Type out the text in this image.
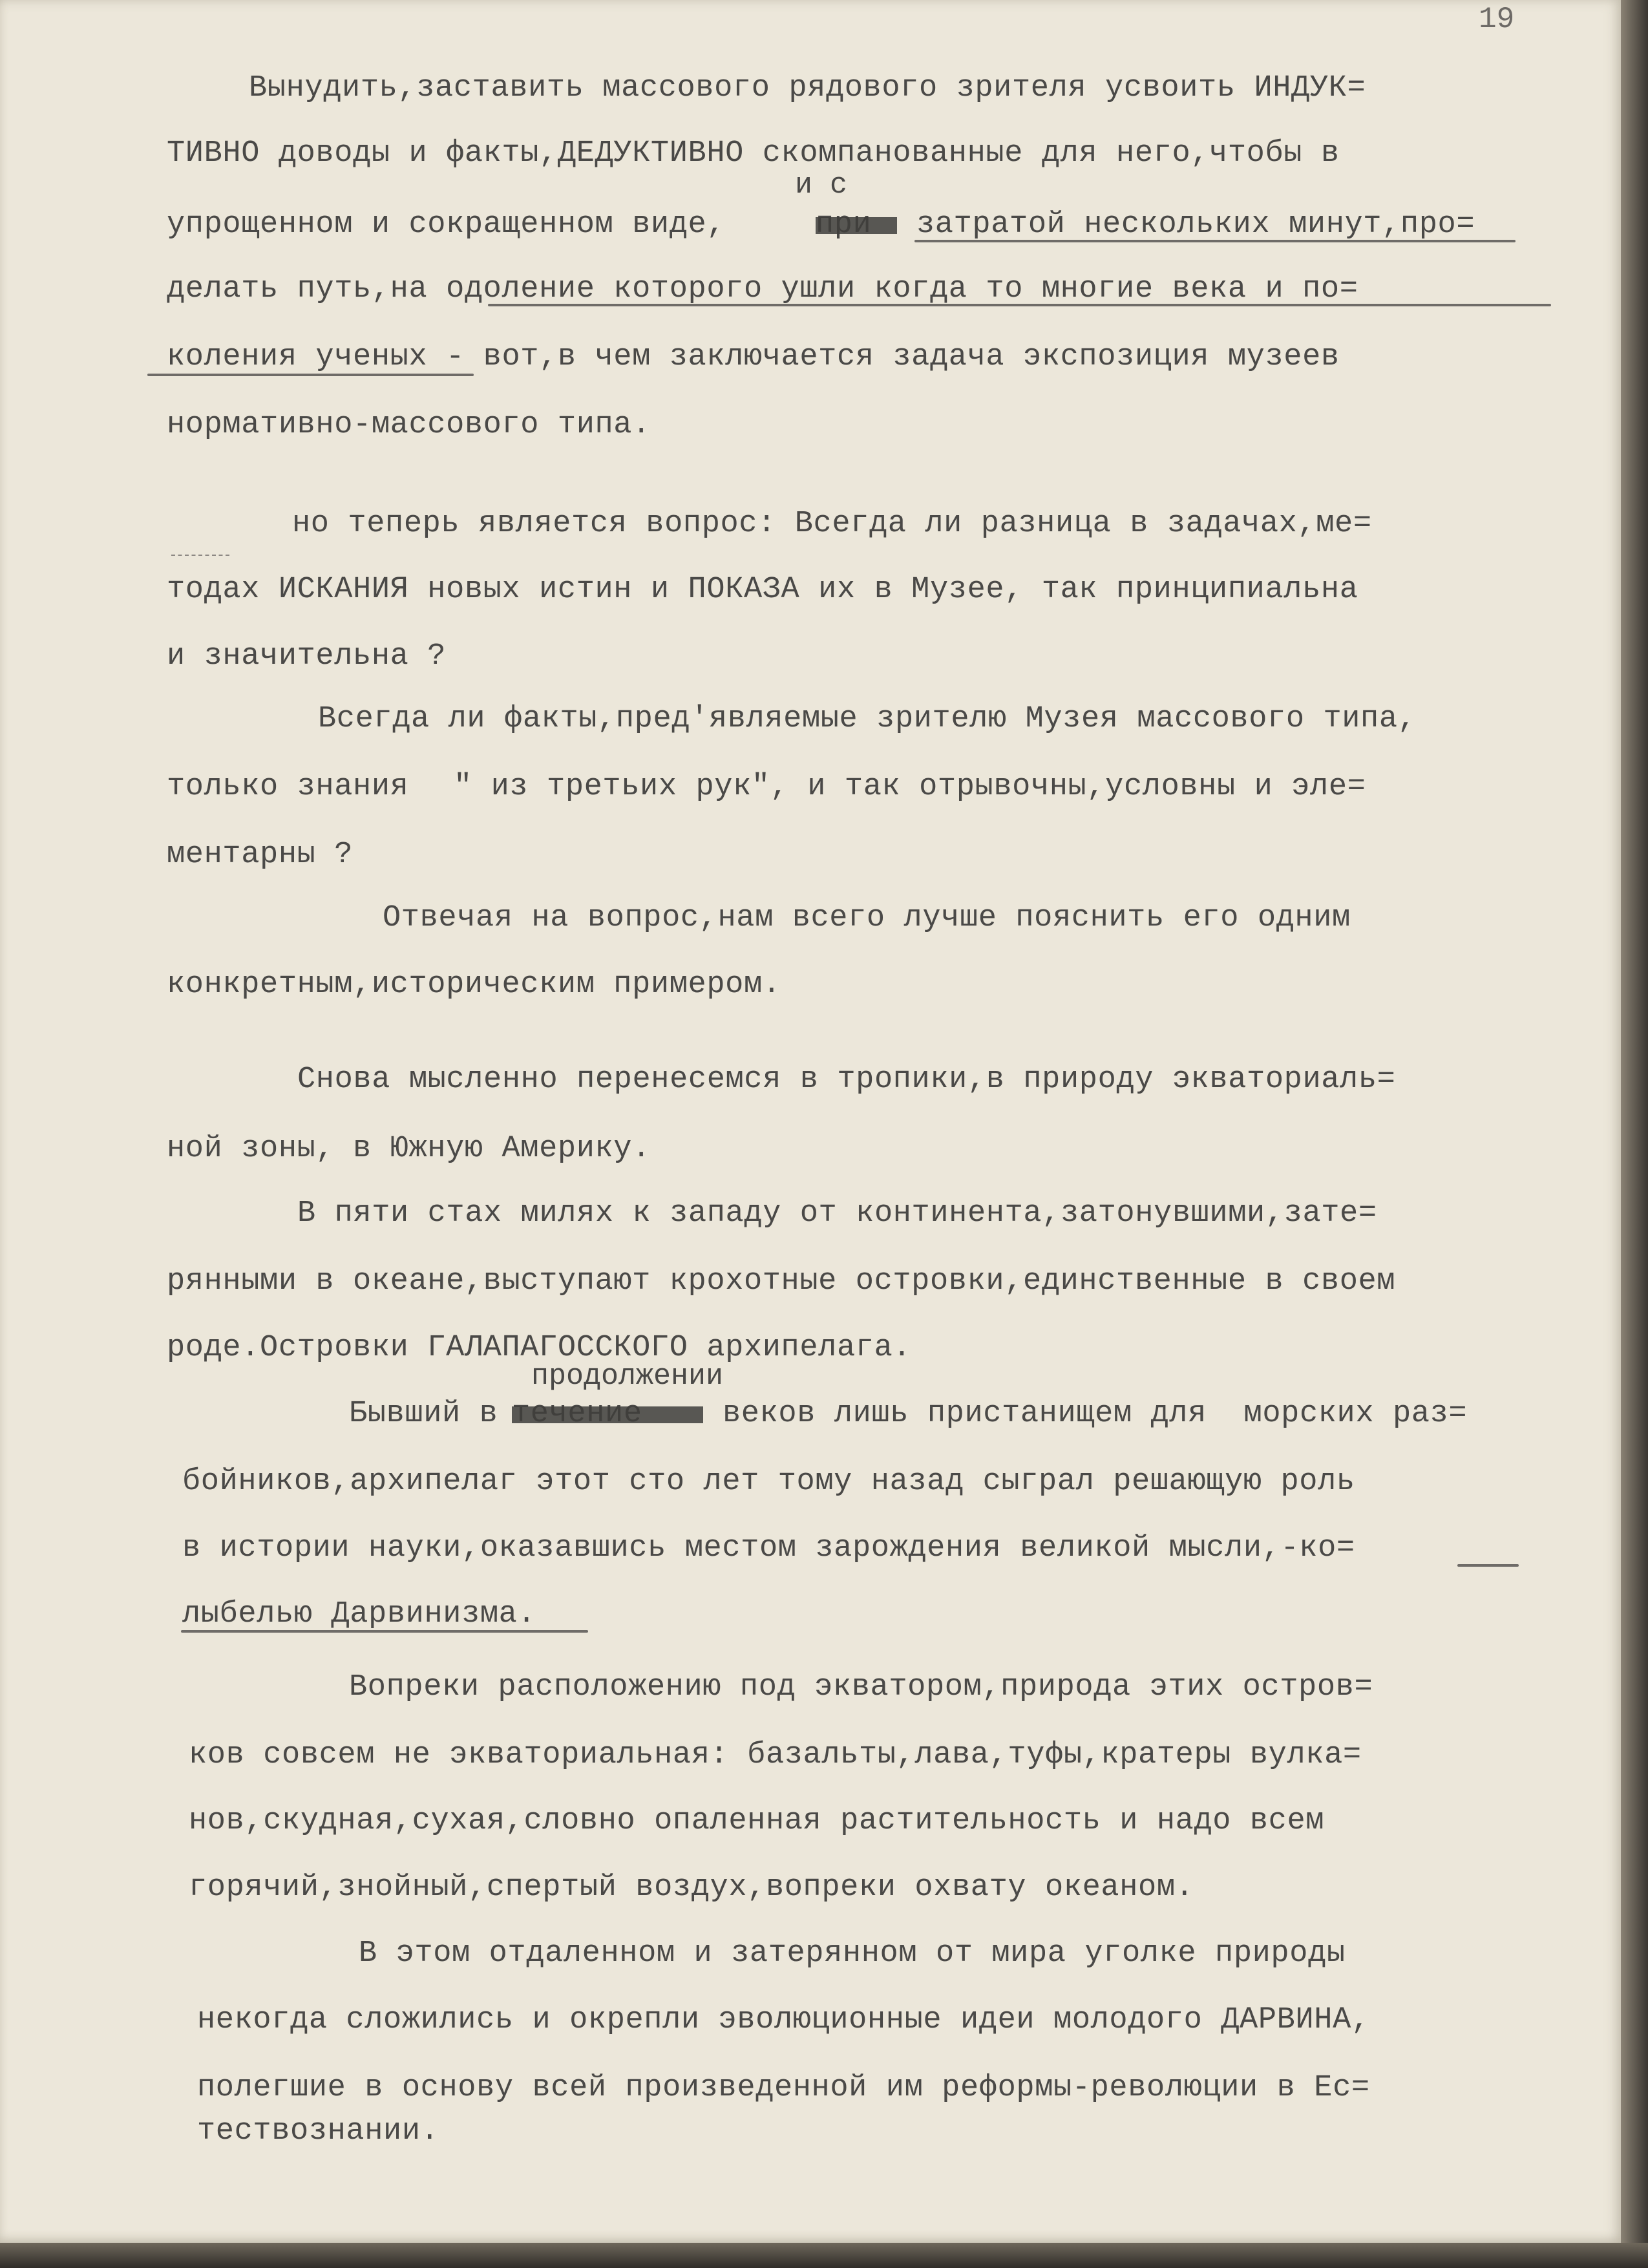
19
Вынудить,заставить массового рядового зрителя усвоить ИНДУК=
ТИВНО доводы и факты,ДЕДУКТИВНО скомпанованные для него,чтобы в
и с
упрощенном и сокращенном виде,	затратой нескольких минут,про=
делать путь,на одоление которого ушли когда то многие века и по=
коления ученых - вот,в чем заключается задача экспозиция музеев
нормативно-массового типа.
но теперь является вопрос: Всегда ли разница в задачах,ме=
тодах ИСКАНИЯ новых истин и ПОКАЗА их в Музее, так принципиальна
и значительна ?
Всегда ли факты,пред'являемые зрителю Музея массового типа,
только знания " из третьих рук", и так отрывочны,условны и эле=
ментарны ?
Отвечая на вопрос,нам всего лучше пояснить его одним
конкретным,историческим примером.
Снова мысленно перенесемся в тропики,в природу экваториаль=
ной зоны, в Южную Америку.
В пяти стах милях к западу от континента,затонувшими,зате=
рянными в океане,выступают крохотные островки,единственные в своем
роде.Островки ГАЛАПАГОССКОГО архипелага.
продолжении
Бывший в	веков лишь пристанищем для  морских раз=
бойников,архипелаг этот сто лет тому назад сыграл решающую роль
в истории науки,оказавшись местом зарождения великой мысли,-ко=
лыбелью Дарвинизма.
Вопреки расположению под экватором,природа этих остров=
ков совсем не экваториальная: базальты,лава,туфы,кратеры вулка=
нов,скудная,сухая,словно опаленная растительность и надо всем
горячий,знойный,спертый воздух,вопреки охвату океаном.
В этом отдаленном и затерянном от мира уголке природы
некогда сложились и окрепли эволюционные идеи молодого ДАРВИНА,
полегшие в основу всей произведенной им реформы-революции в Ес=
тествознании.
